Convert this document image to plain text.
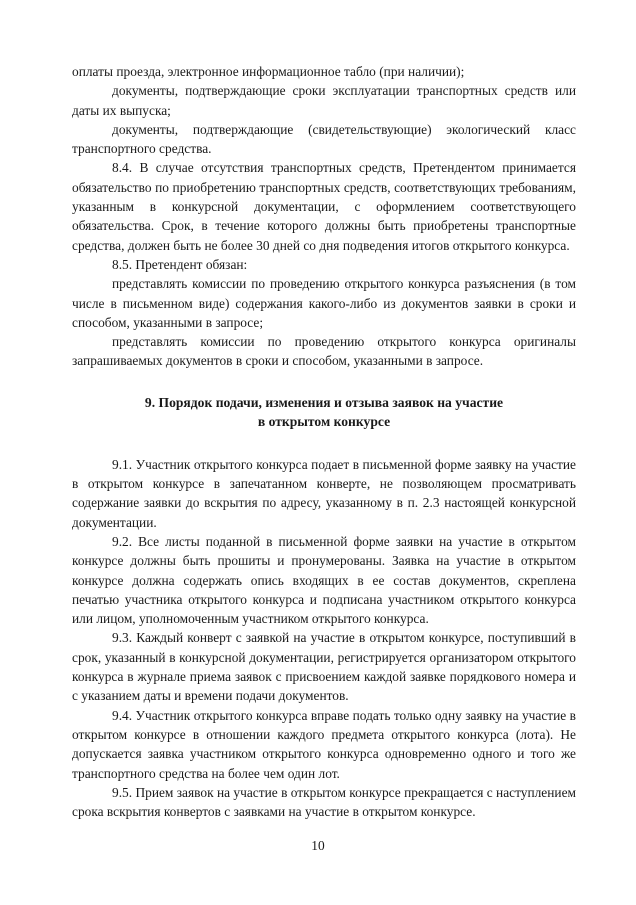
оплаты проезда, электронное информационное табло (при наличии);

документы, подтверждающие сроки эксплуатации транспортных средств или даты их выпуска;

документы, подтверждающие (свидетельствующие) экологический класс транспортного средства.

8.4. В случае отсутствия транспортных средств, Претендентом принимается обязательство по приобретению транспортных средств, соответствующих требованиям, указанным в конкурсной документации, с оформлением соответствующего обязательства. Срок, в течение которого должны быть приобретены транспортные средства, должен быть не более 30 дней со дня подведения итогов открытого конкурса.

8.5. Претендент обязан:

представлять комиссии по проведению открытого конкурса разъяснения (в том числе в письменном виде) содержания какого-либо из документов заявки в сроки и способом, указанными в запросе;

представлять комиссии по проведению открытого конкурса оригиналы запрашиваемых документов в сроки и способом, указанными в запросе.

9. Порядок подачи, изменения и отзыва заявок на участие
в открытом конкурсе

9.1. Участник открытого конкурса подает в письменной форме заявку на участие в открытом конкурсе в запечатанном конверте, не позволяющем просматривать содержание заявки до вскрытия по адресу, указанному в п. 2.3 настоящей конкурсной документации.

9.2. Все листы поданной в письменной форме заявки на участие в открытом конкурсе должны быть прошиты и пронумерованы. Заявка на участие в открытом конкурсе должна содержать опись входящих в ее состав документов, скреплена печатью участника открытого конкурса и подписана участником открытого конкурса или лицом, уполномоченным участником открытого конкурса.

9.3. Каждый конверт с заявкой на участие в открытом конкурсе, поступивший в срок, указанный в конкурсной документации, регистрируется организатором открытого конкурса в журнале приема заявок с присвоением каждой заявке порядкового номера и с указанием даты и времени подачи документов.

9.4. Участник открытого конкурса вправе подать только одну заявку на участие в открытом конкурсе в отношении каждого предмета открытого конкурса (лота). Не допускается заявка участником открытого конкурса одновременно одного и того же транспортного средства на более чем один лот.

9.5. Прием заявок на участие в открытом конкурсе прекращается с наступлением срока вскрытия конвертов с заявками на участие в открытом конкурсе.

10
